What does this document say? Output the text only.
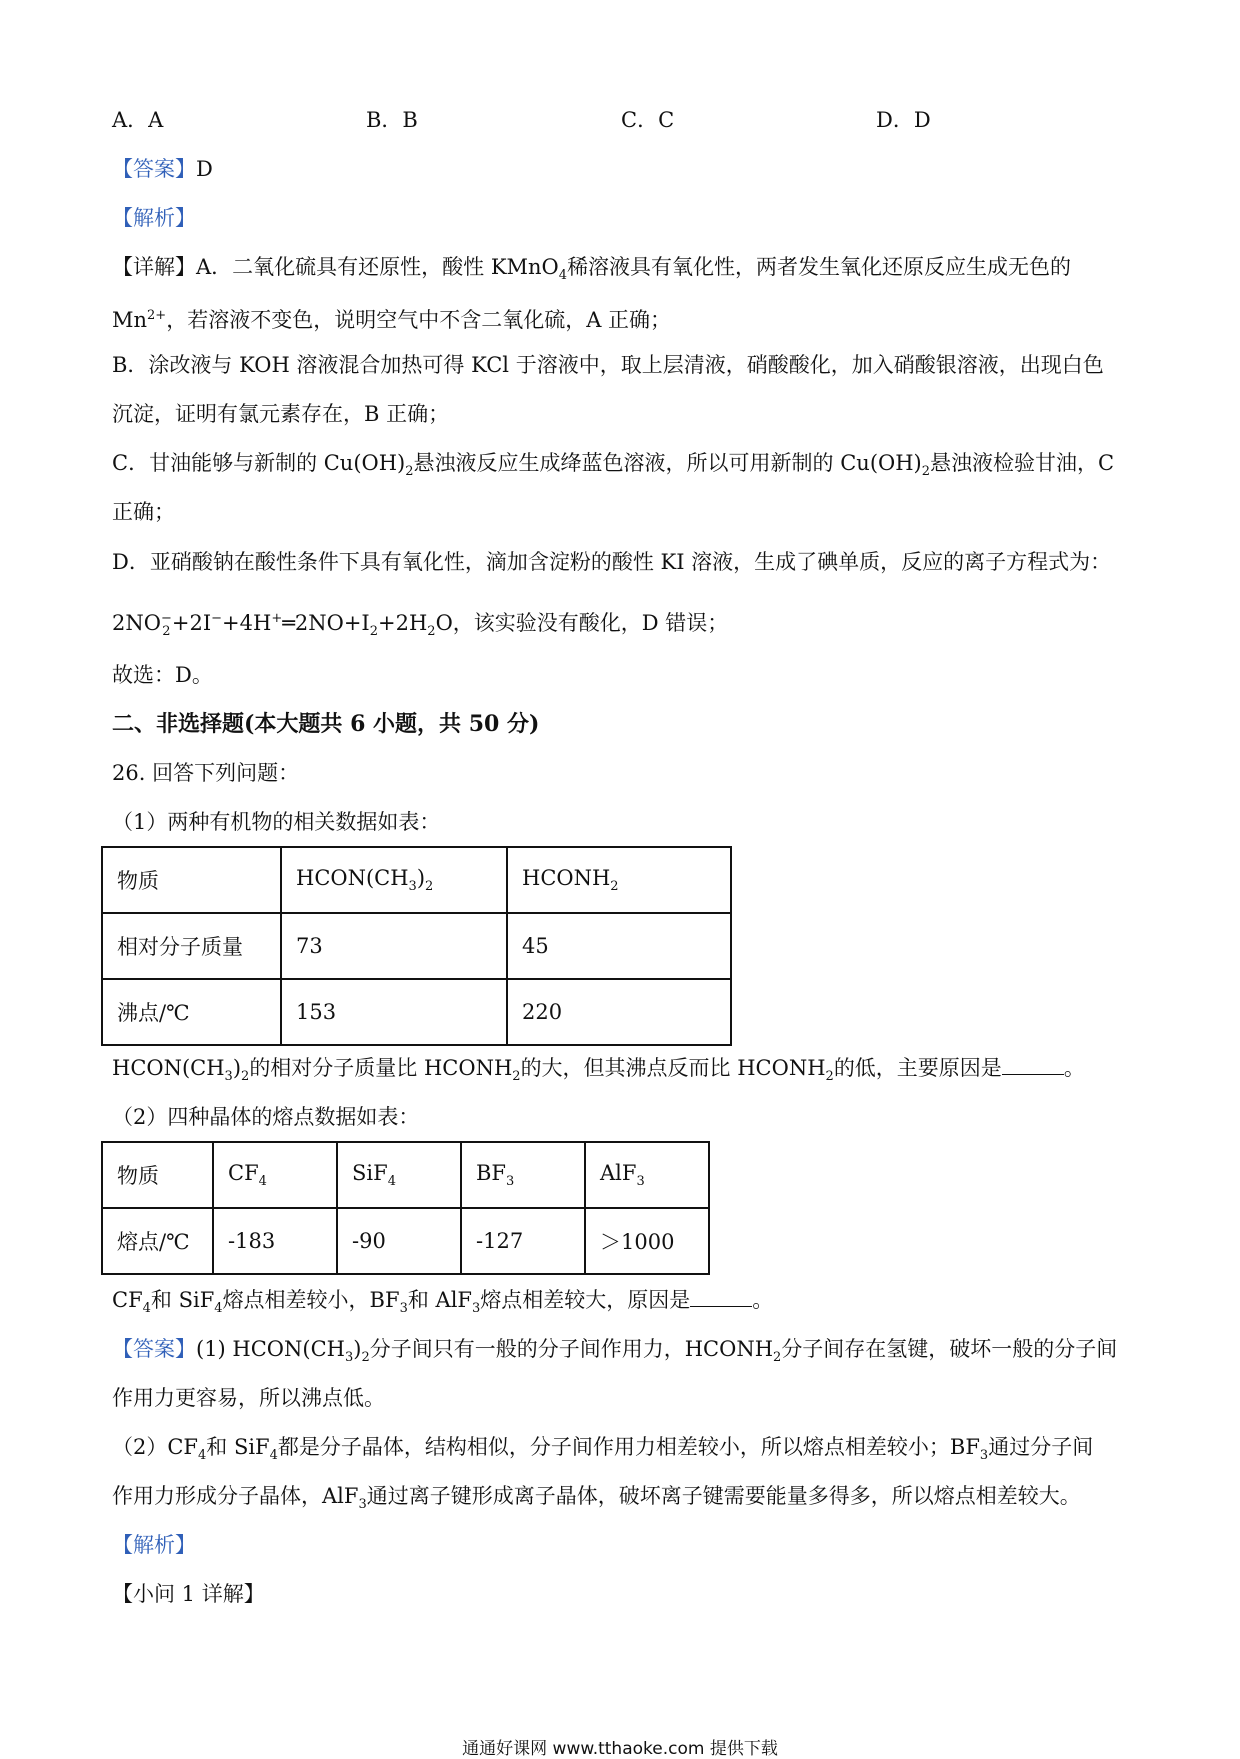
A．A	B．B	C．C	D．D
【答案】D
【解析】
【详解】A．二氧化硫具有还原性，酸性 KMnO$_4$稀溶液具有氧化性，两者发生氧化还原反应生成无色的
$Mn^{2+}$，若溶液不变色，说明空气中不含二氧化硫，A 正确；
B．涂改液与 KOH 溶液混合加热可得 KCl 于溶液中，取上层清液，硝酸酸化，加入硝酸银溶液，出现白色
沉淀，证明有氯元素存在，B 正确；
C．甘油能够与新制的 $Cu(OH)_2$悬浊液反应生成绛蓝色溶液，所以可用新制的 $Cu(OH)_2$悬浊液检验甘油，C
正确；
D．亚硝酸钠在酸性条件下具有氧化性，滴加含淀粉的酸性 KI 溶液，生成了碘单质，反应的离子方程式为：
2NO −
$2 +2I^-+4H^+═2NO+I_2+2H_2O$，该实验没有酸化，D 错误；
故选：D。
二、非选择题(本大题共 6 小题，共 50 分)
26. 回答下列问题：
（1）两种有机物的相关数据如表：
物质	$HCON(CH_3)_2$	$HCONH_2$
相对分子质量	73	45
沸点/℃	153	220
$HCON(CH_3)_2$的相对分子质量比 $HCONH_2$的大，但其沸点反而比 $HCONH_2$的低，主要原因是	。
（2）四种晶体的熔点数据如表：
物质	$CF_4$	SiF$_4$	$BF_3$	AlF$_3$
熔点/℃	-183	-90	-127	＞1000
$CF_4$和 SiF$_4$熔点相差较小，$BF_3$和 AlF$_3$熔点相差较大，原因是	。
【答案】(1) $HCON(CH_3)_2$分子间只有一般的分子间作用力，$HCONH_2$分子间存在氢键，破坏一般的分子间
作用力更容易，所以沸点低。
$(2)CF_4$和 SiF$_4$都是分子晶体，结构相似，分子间作用力相差较小，所以熔点相差较小；$BF_3$通过分子间
作用力形成分子晶体，AlF$_3$通过离子键形成离子晶体，破坏离子键需要能量多得多，所以熔点相差较大。
【解析】
【小问 1 详解】
通通好课网 www.tthaoke.com 提供下载
